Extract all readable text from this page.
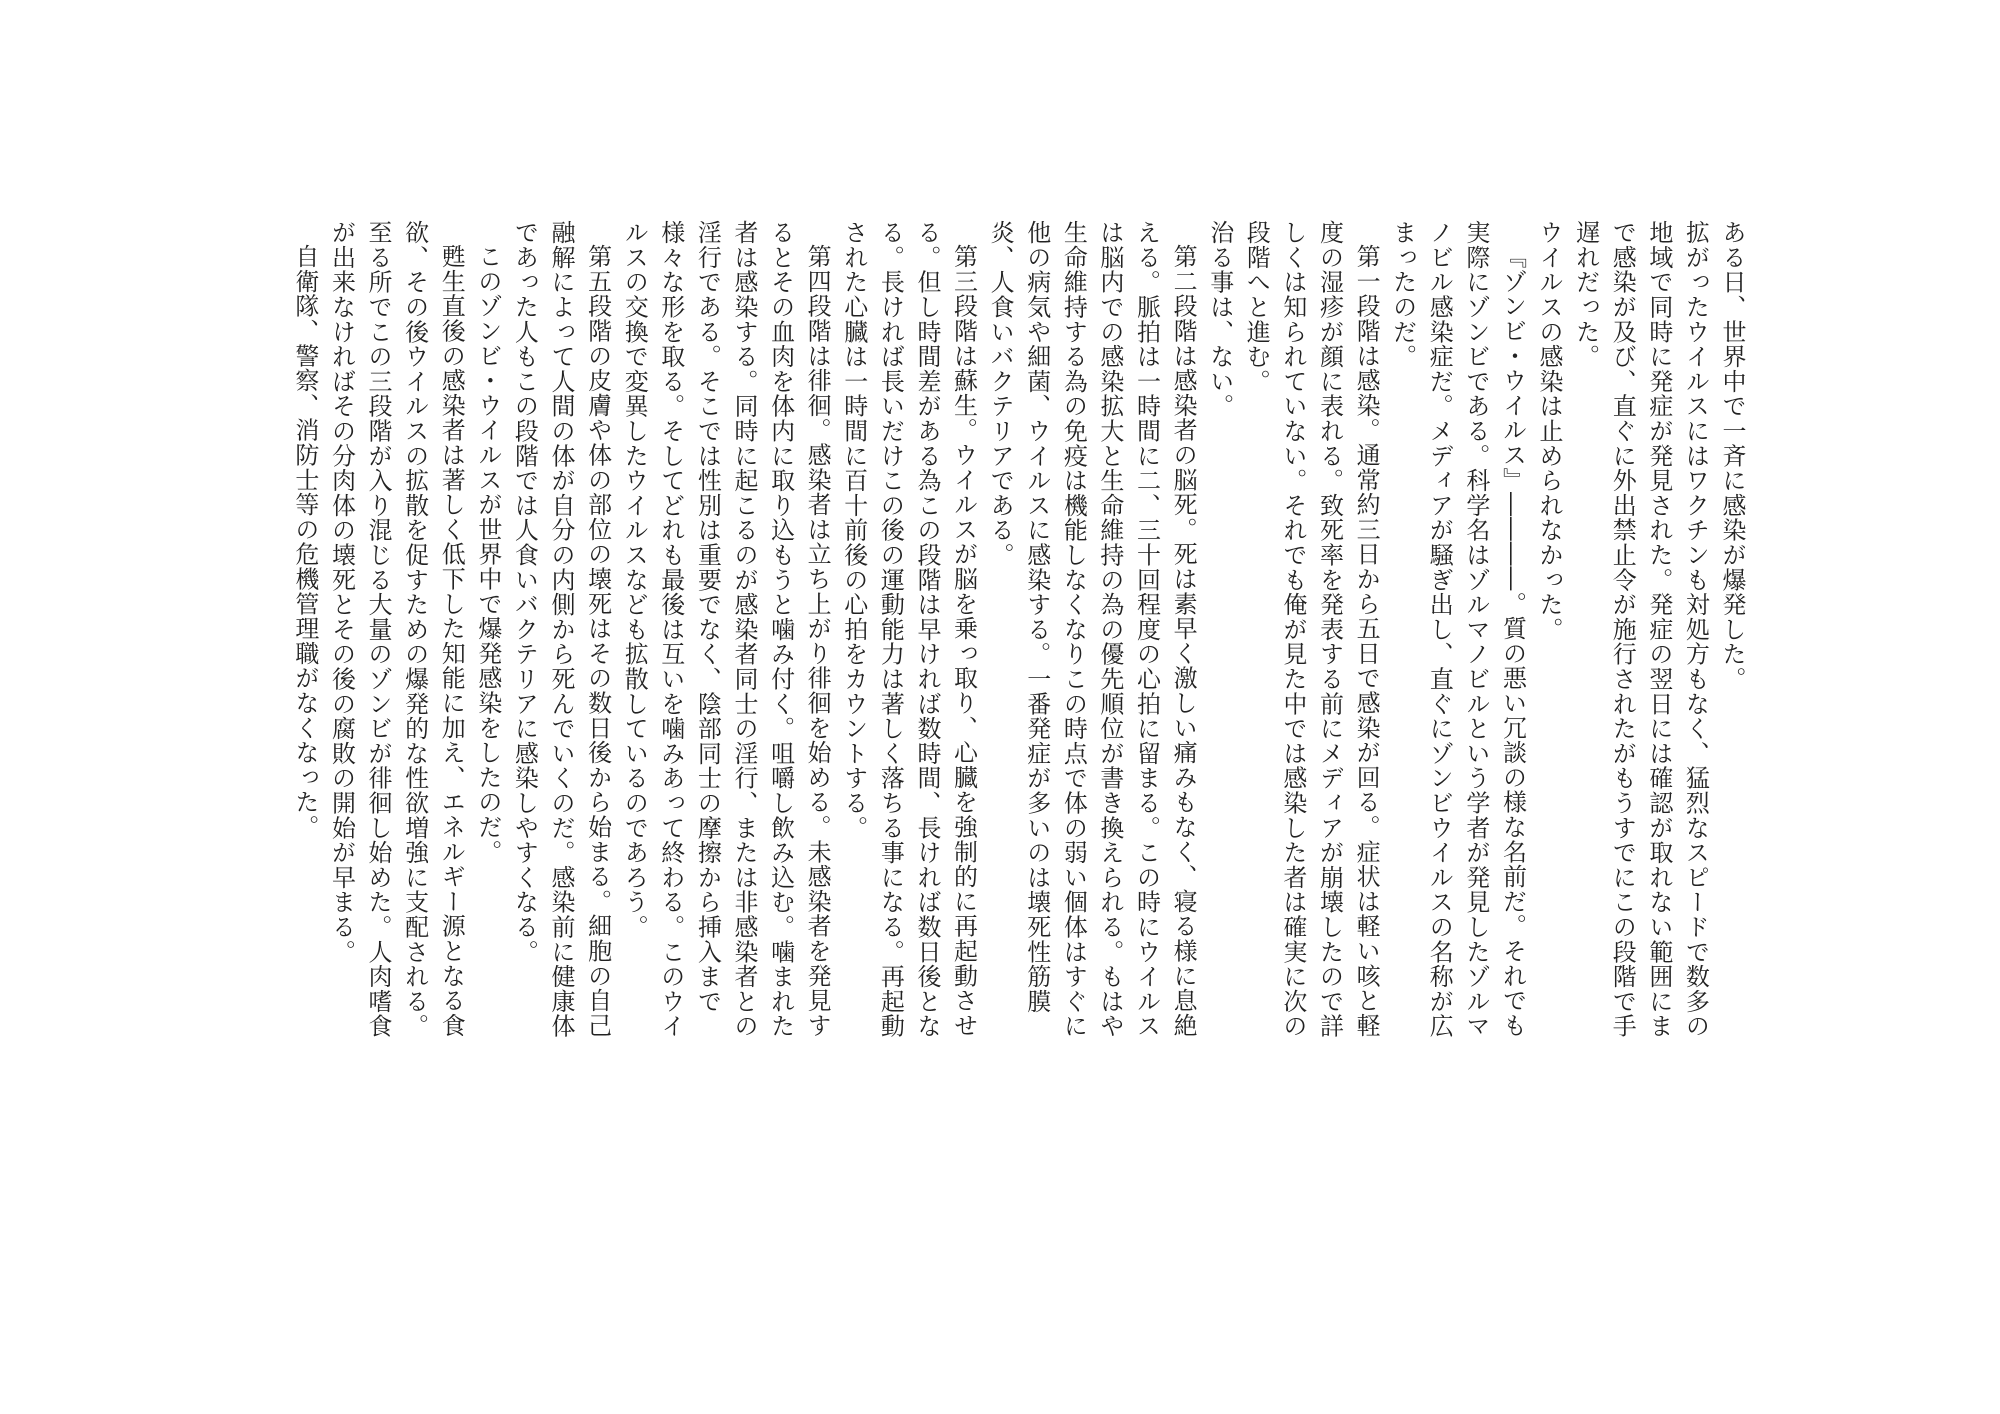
ある日、世界中で一斉に感染が爆発した。

拡がったウイルスにはワクチンも対処方もなく、猛烈なスピードで数多の地域で同時に発症が発見された。発症の翌日には確認が取れない範囲にまで感染が及び、直ぐに外出禁止令が施行されたがもうすでにこの段階で手遅れだった。

ウイルスの感染は止められなかった。

『ゾンビ・ウイルス』――――。質の悪い冗談の様な名前だ。それでも実際にゾンビである。科学名はゾルマノビルという学者が発見したゾルマノビル感染症だ。メディアが騒ぎ出し、直ぐにゾンビウイルスの名称が広まったのだ。

第一段階は感染。通常約三日から五日で感染が回る。症状は軽い咳と軽度の湿疹が顔に表れる。致死率を発表する前にメディアが崩壊したので詳しくは知られていない。それでも俺が見た中では感染した者は確実に次の段階へと進む。

治る事は、ない。

第二段階は感染者の脳死。死は素早く激しい痛みもなく、寝る様に息絶える。脈拍は一時間に二、三十回程度の心拍に留まる。この時にウイルスは脳内での感染拡大と生命維持の為の優先順位が書き換えられる。もはや生命維持する為の免疫は機能しなくなりこの時点で体の弱い個体はすぐに他の病気や細菌、ウイルスに感染する。一番発症が多いのは壊死性筋膜炎、人食いバクテリアである。

第三段階は蘇生。ウイルスが脳を乗っ取り、心臓を強制的に再起動させる。但し時間差がある為この段階は早ければ数時間、長ければ数日後となる。長ければ長いだけこの後の運動能力は著しく落ちる事になる。再起動された心臓は一時間に百十前後の心拍をカウントする。

第四段階は徘徊。感染者は立ち上がり徘徊を始める。未感染者を発見するとその血肉を体内に取り込もうと噛み付く。咀嚼し飲み込む。噛まれた者は感染する。同時に起こるのが感染者同士の淫行、または非感染者との淫行である。そこでは性別は重要でなく、陰部同士の摩擦から挿入まで様々な形を取る。そしてどれも最後は互いを噛みあって終わる。このウイルスの交換で変異したウイルスなども拡散しているのであろう。

第五段階の皮膚や体の部位の壊死はその数日後から始まる。細胞の自己融解によって人間の体が自分の内側から死んでいくのだ。感染前に健康体であった人もこの段階では人食いバクテリアに感染しやすくなる。

このゾンビ・ウイルスが世界中で爆発感染をしたのだ。

甦生直後の感染者は著しく低下した知能に加え、エネルギー源となる食欲、その後ウイルスの拡散を促すための爆発的な性欲増強に支配される。至る所でこの三段階が入り混じる大量のゾンビが徘徊し始めた。人肉嗜食が出来なければその分肉体の壊死とその後の腐敗の開始が早まる。

自衛隊、警察、消防士等の危機管理職がなくなった。
